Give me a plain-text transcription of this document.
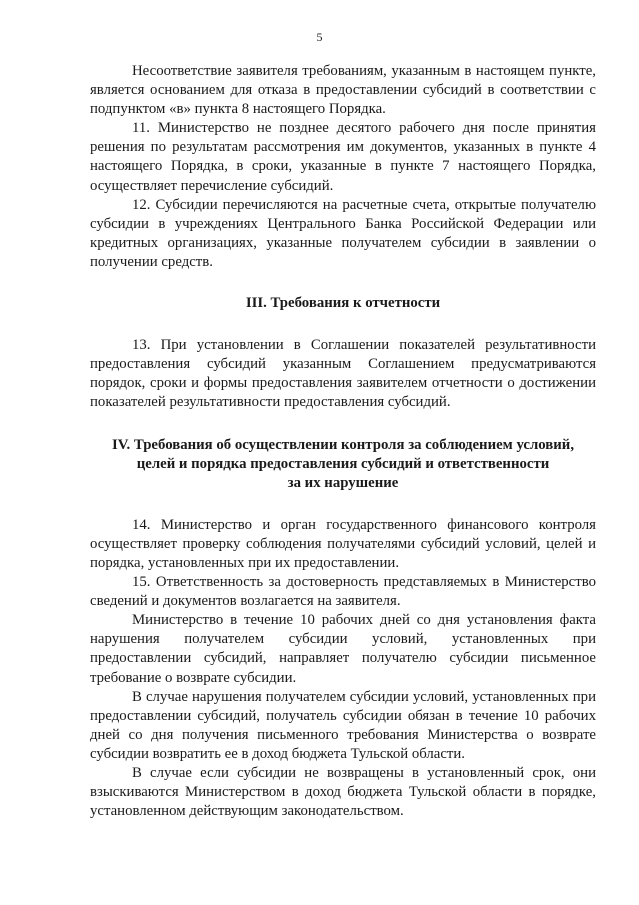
5

Несоответствие заявителя требованиям, указанным в настоящем пункте, является основанием для отказа в предоставлении субсидий в соответствии с подпунктом «в» пункта 8 настоящего Порядка.

11. Министерство не позднее десятого рабочего дня после принятия решения по результатам рассмотрения им документов, указанных в пункте 4 настоящего Порядка, в сроки, указанные в пункте 7 настоящего Порядка, осуществляет перечисление субсидий.

12. Субсидии перечисляются на расчетные счета, открытые получателю субсидии в учреждениях Центрального Банка Российской Федерации или кредитных организациях, указанные получателем субсидии в заявлении о получении средств.

III. Требования к отчетности

13. При установлении в Соглашении показателей результативности предоставления субсидий указанным Соглашением предусматриваются порядок, сроки и формы предоставления заявителем отчетности о достижении показателей результативности предоставления субсидий.

IV. Требования об осуществлении контроля за соблюдением условий,
целей и порядка предоставления субсидий и ответственности
за их нарушение

14. Министерство и орган государственного финансового контроля осуществляет проверку соблюдения получателями субсидий условий, целей и порядка, установленных при их предоставлении.

15. Ответственность за достоверность представляемых в Министерство сведений и документов возлагается на заявителя.

Министерство в течение 10 рабочих дней со дня установления факта нарушения получателем субсидии условий, установленных при предоставлении субсидий, направляет получателю субсидии письменное требование о возврате субсидии.

В случае нарушения получателем субсидии условий, установленных при предоставлении субсидий, получатель субсидии обязан в течение 10 рабочих дней со дня получения письменного требования Министерства о возврате субсидии возвратить ее в доход бюджета Тульской области.

В случае если субсидии не возвращены в установленный срок, они взыскиваются Министерством в доход бюджета Тульской области в порядке, установленном действующим законодательством.
